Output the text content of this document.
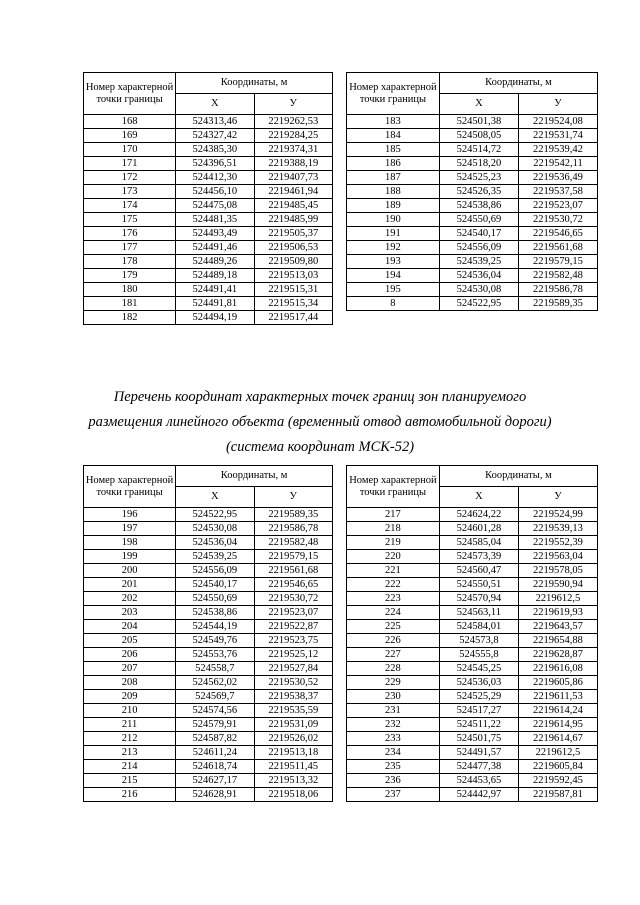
Номер характерной точки границы	Координаты, м	
	X	У
168	524313,46	2219262,53
169	524327,42	2219284,25
170	524385,30	2219374,31
171	524396,51	2219388,19
172	524412,30	2219407,73
173	524456,10	2219461,94
174	524475,08	2219485,45
175	524481,35	2219485,99
176	524493,49	2219505,37
177	524491,46	2219506,53
178	524489,26	2219509,80
179	524489,18	2219513,03
180	524491,41	2219515,31
181	524491,81	2219515,34
182	524494,19	2219517,44
Номер характерной точки границы	Координаты, м	
	X	У
183	524501,38	2219524,08
184	524508,05	2219531,74
185	524514,72	2219539,42
186	524518,20	2219542,11
187	524525,23	2219536,49
188	524526,35	2219537,58
189	524538,86	2219523,07
190	524550,69	2219530,72
191	524540,17	2219546,65
192	524556,09	2219561,68
193	524539,25	2219579,15
194	524536,04	2219582,48
195	524530,08	2219586,78
8	524522,95	2219589,35
Перечень координат характерных точек границ зон планируемого
размещения линейного объекта (временный отвод автомобильной дороги)
(система координат МСК-52)
Номер характерной точки границы	Координаты, м	
	X	У
196	524522,95	2219589,35
197	524530,08	2219586,78
198	524536,04	2219582,48
199	524539,25	2219579,15
200	524556,09	2219561,68
201	524540,17	2219546,65
202	524550,69	2219530,72
203	524538,86	2219523,07
204	524544,19	2219522,87
205	524549,76	2219523,75
206	524553,76	2219525,12
207	524558,7	2219527,84
208	524562,02	2219530,52
209	524569,7	2219538,37
210	524574,56	2219535,59
211	524579,91	2219531,09
212	524587,82	2219526,02
213	524611,24	2219513,18
214	524618,74	2219511,45
215	524627,17	2219513,32
216	524628,91	2219518,06
Номер характерной точки границы	Координаты, м	
	X	У
217	524624,22	2219524,99
218	524601,28	2219539,13
219	524585,04	2219552,39
220	524573,39	2219563,04
221	524560,47	2219578,05
222	524550,51	2219590,94
223	524570,94	2219612,5
224	524563,11	2219619,93
225	524584,01	2219643,57
226	524573,8	2219654,88
227	524555,8	2219628,87
228	524545,25	2219616,08
229	524536,03	2219605,86
230	524525,29	2219611,53
231	524517,27	2219614,24
232	524511,22	2219614,95
233	524501,75	2219614,67
234	524491,57	2219612,5
235	524477,38	2219605,84
236	524453,65	2219592,45
237	524442,97	2219587,81
